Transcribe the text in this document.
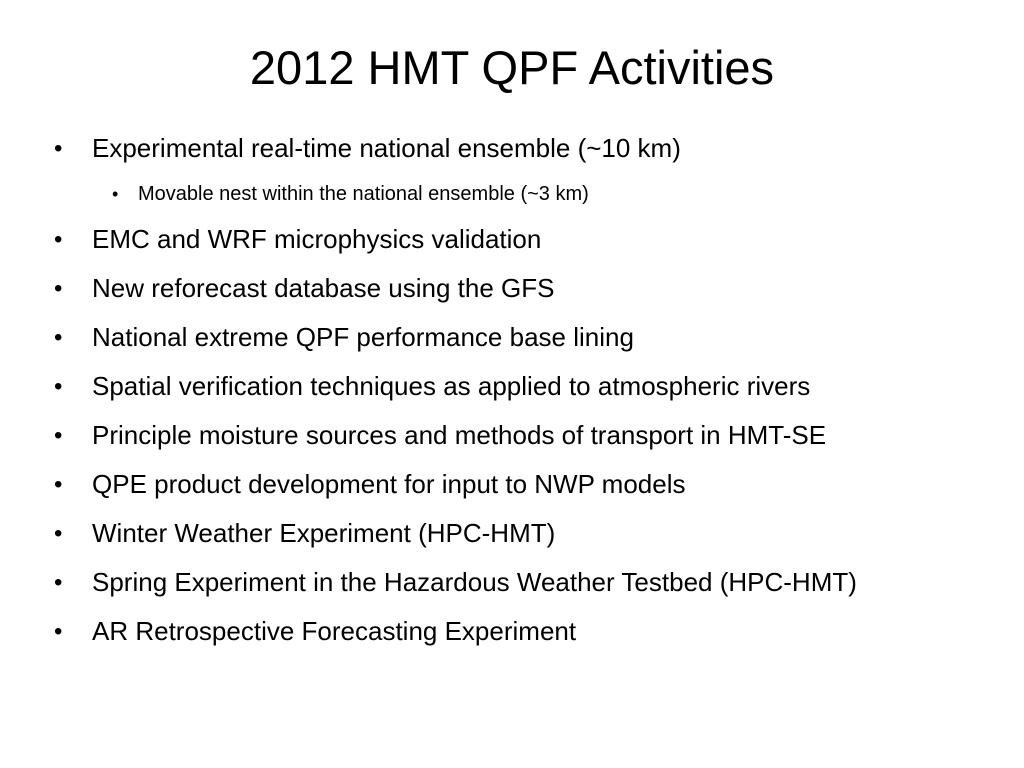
2012 HMT QPF Activities
• Experimental real-time national ensemble (~10 km)
• Movable nest within the national ensemble (~3 km)
• EMC and WRF microphysics validation
• New reforecast database using the GFS
• National extreme QPF performance base lining
• Spatial verification techniques as applied to atmospheric rivers
• Principle moisture sources and methods of transport in HMT-SE
• QPE product development for input to NWP models
• Winter Weather Experiment (HPC-HMT)
• Spring Experiment in the Hazardous Weather Testbed (HPC-HMT)
• AR Retrospective Forecasting Experiment
